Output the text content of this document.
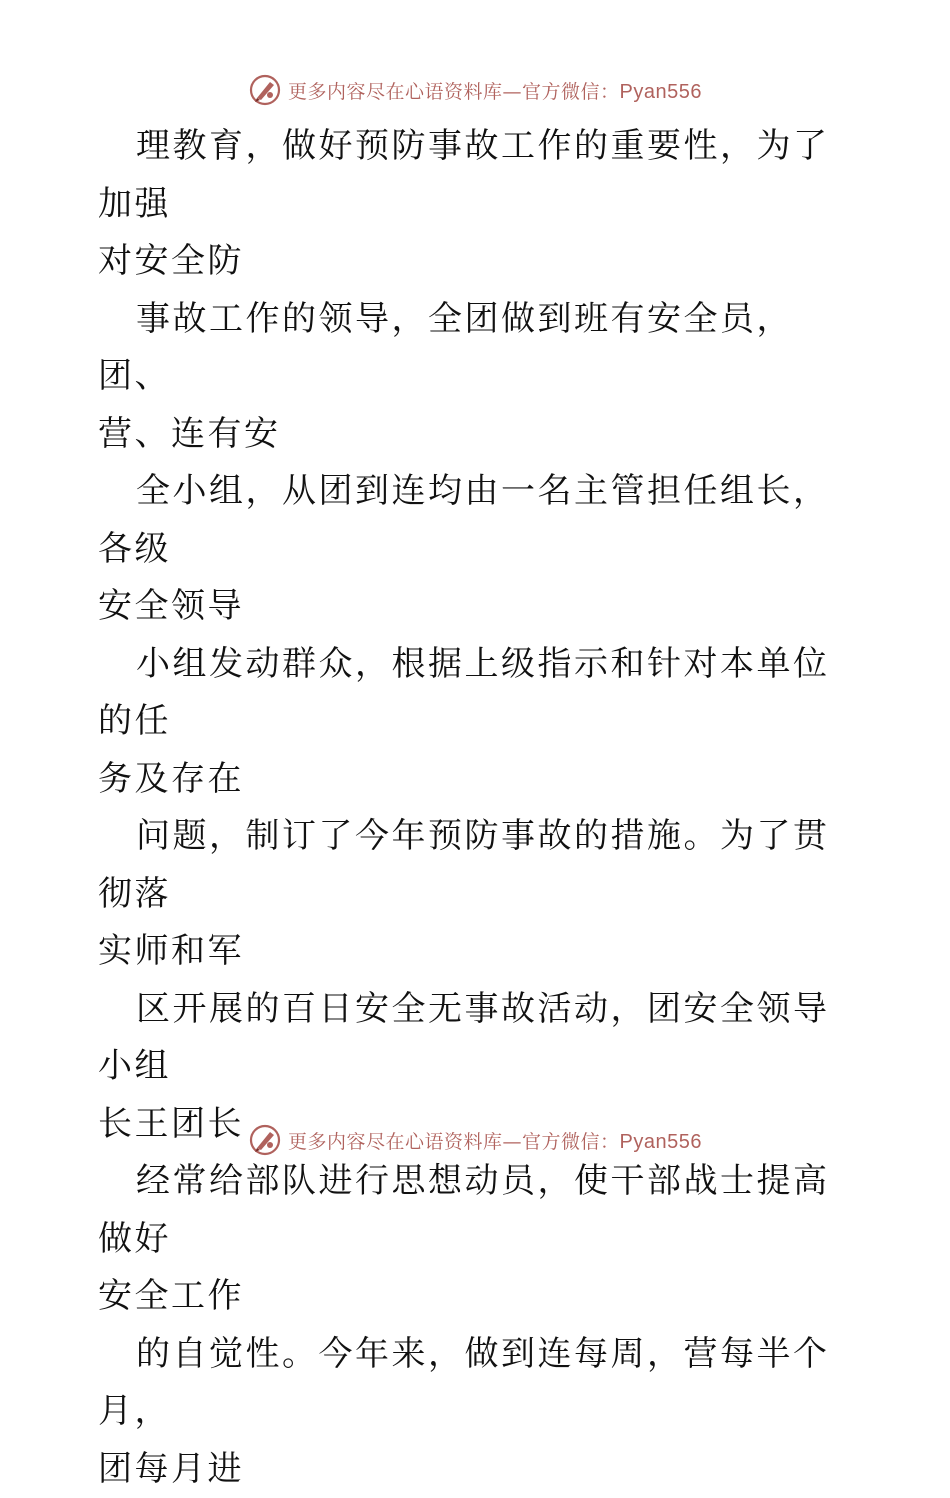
更多内容尽在心语资料库—官方微信：Pyan556

理教育，做好预防事故工作的重要性，为了加强
对安全防

事故工作的领导，全团做到班有安全员，团、
营、连有安

全小组，从团到连均由一名主管担任组长，各级
安全领导

小组发动群众，根据上级指示和针对本单位的任
务及存在

问题，制订了今年预防事故的措施。为了贯彻落
实师和军

区开展的百日安全无事故活动，团安全领导小组
长王团长

经常给部队进行思想动员，使干部战士提高做好
安全工作

的自觉性。今年来，做到连每周，营每半个月，
团每月进

更多内容尽在心语资料库—官方微信：Pyan556
